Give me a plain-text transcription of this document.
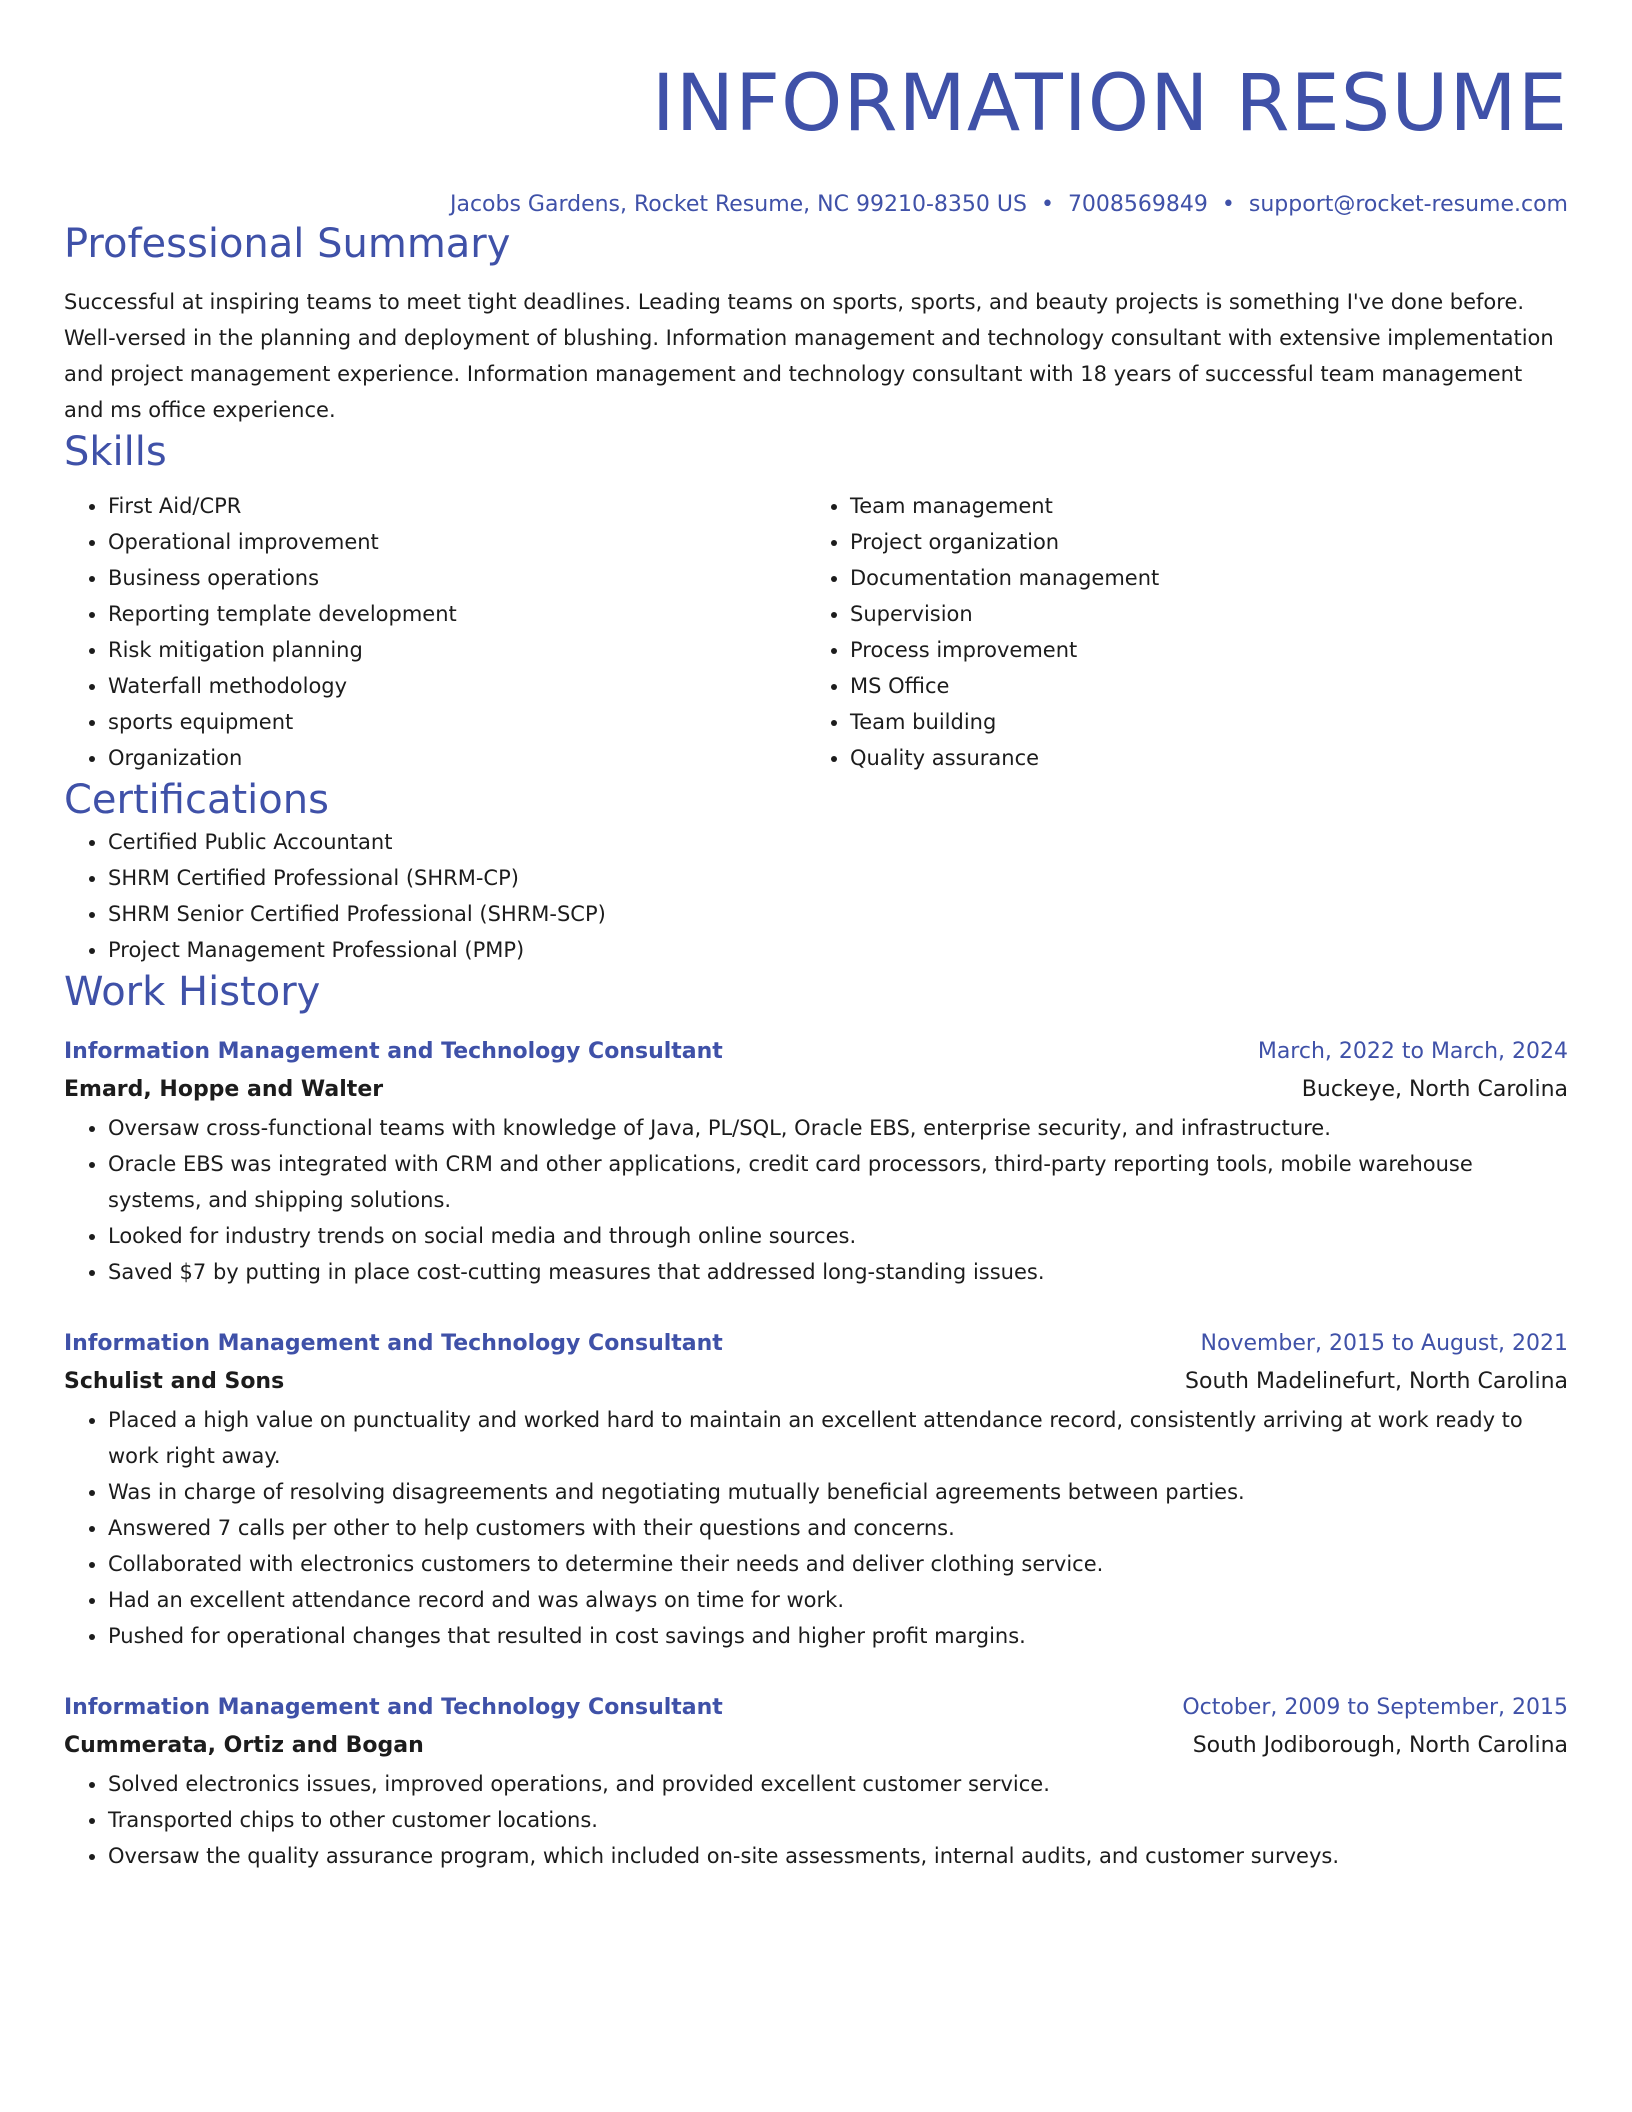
INFORMATION RESUME
Jacobs Gardens, Rocket Resume, NC 99210-8350 US • 7008569849 • support@rocket-resume.com
Professional Summary
Successful at inspiring teams to meet tight deadlines. Leading teams on sports, sports, and beauty projects is something I've done before. Well-versed in the planning and deployment of blushing. Information management and technology consultant with extensive implementation and project management experience. Information management and technology consultant with 18 years of successful team management and ms office experience.
Skills
• First Aid/CPR
• Operational improvement
• Business operations
• Reporting template development
• Risk mitigation planning
• Waterfall methodology
• sports equipment
• Organization
• Team management
• Project organization
• Documentation management
• Supervision
• Process improvement
• MS Office
• Team building
• Quality assurance
Certifications
• Certified Public Accountant
• SHRM Certified Professional (SHRM-CP)
• SHRM Senior Certified Professional (SHRM-SCP)
• Project Management Professional (PMP)
Work History
Information Management and Technology Consultant	March, 2022 to March, 2024
Emard, Hoppe and Walter	Buckeye, North Carolina
• Oversaw cross-functional teams with knowledge of Java, PL/SQL, Oracle EBS, enterprise security, and infrastructure.
• Oracle EBS was integrated with CRM and other applications, credit card processors, third-party reporting tools, mobile warehouse systems, and shipping solutions.
• Looked for industry trends on social media and through online sources.
• Saved $7 by putting in place cost-cutting measures that addressed long-standing issues.
Information Management and Technology Consultant	November, 2015 to August, 2021
Schulist and Sons	South Madelinefurt, North Carolina
• Placed a high value on punctuality and worked hard to maintain an excellent attendance record, consistently arriving at work ready to work right away.
• Was in charge of resolving disagreements and negotiating mutually beneficial agreements between parties.
• Answered 7 calls per other to help customers with their questions and concerns.
• Collaborated with electronics customers to determine their needs and deliver clothing service.
• Had an excellent attendance record and was always on time for work.
• Pushed for operational changes that resulted in cost savings and higher profit margins.
Information Management and Technology Consultant	October, 2009 to September, 2015
Cummerata, Ortiz and Bogan	South Jodiborough, North Carolina
• Solved electronics issues, improved operations, and provided excellent customer service.
• Transported chips to other customer locations.
• Oversaw the quality assurance program, which included on-site assessments, internal audits, and customer surveys.
